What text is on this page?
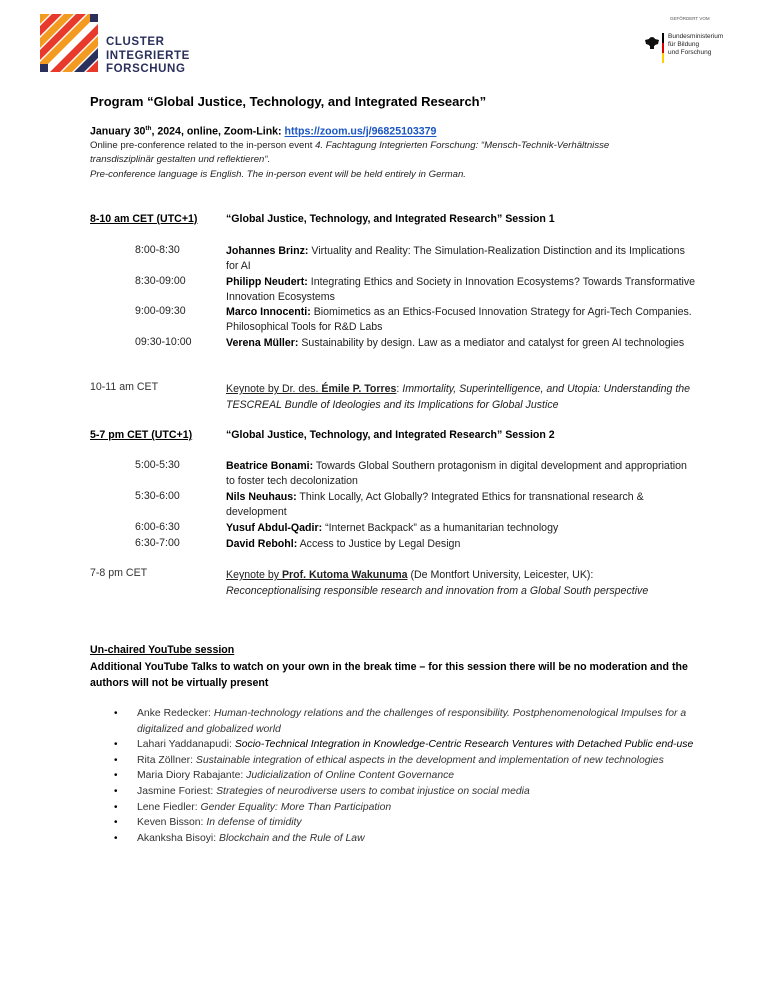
CLUSTER
INTEGRIERTE
FORSCHUNG
GEFÖRDERT VOM
Bundesministerium
für Bildung
und Forschung
Program “Global Justice, Technology, and Integrated Research”
January 30th, 2024, online, Zoom-Link: https://zoom.us/j/96825103379
Online pre-conference related to the in-person event 4. Fachtagung Integrierten Forschung: “Mensch-Technik-Verhältnisse
transdisziplinär gestalten und reflektieren“.
Pre-conference language is English. The in-person event will be held entirely in German.
8-10 am CET (UTC+1)	“Global Justice, Technology, and Integrated Research” Session 1
8:00-8:30	Johannes Brinz: Virtuality and Reality: The Simulation-Realization Distinction and its Implications for AI
8:30-09:00	Philipp Neudert: Integrating Ethics and Society in Innovation Ecosystems? Towards Transformative Innovation Ecosystems
9:00-09:30	Marco Innocenti: Biomimetics as an Ethics-Focused Innovation Strategy for Agri-Tech Companies. Philosophical Tools for R&D Labs
09:30-10:00	Verena Müller: Sustainability by design. Law as a mediator and catalyst for green AI technologies
10-11 am CET	Keynote by Dr. des. Émile P. Torres: Immortality, Superintelligence, and Utopia: Understanding the TESCREAL Bundle of Ideologies and its Implications for Global Justice
5-7 pm CET (UTC+1)	“Global Justice, Technology, and Integrated Research” Session 2
5:00-5:30	Beatrice Bonami: Towards Global Southern protagonism in digital development and appropriation to foster tech decolonization
5:30-6:00	Nils Neuhaus: Think Locally, Act Globally? Integrated Ethics for transnational research & development
6:00-6:30	Yusuf Abdul-Qadir: “Internet Backpack” as a humanitarian technology
6:30-7:00	David Rebohl: Access to Justice by Legal Design
7-8 pm CET	Keynote by Prof. Kutoma Wakunuma (De Montfort University, Leicester, UK):
Reconceptionalising responsible research and innovation from a Global South perspective
Un-chaired YouTube session
Additional YouTube Talks to watch on your own in the break time – for this session there will be no moderation and the authors will not be virtually present
• Anke Redecker: Human-technology relations and the challenges of responsibility. Postphenomenological Impulses for a digitalized and globalized world
• Lahari Yaddanapudi: Socio-Technical Integration in Knowledge-Centric Research Ventures with Detached Public end-use
• Rita Zöllner: Sustainable integration of ethical aspects in the development and implementation of new technologies
• Maria Diory Rabajante: Judicialization of Online Content Governance
• Jasmine Foriest: Strategies of neurodiverse users to combat injustice on social media
• Lene Fiedler: Gender Equality: More Than Participation
• Keven Bisson: In defense of timidity
• Akanksha Bisoyi: Blockchain and the Rule of Law
